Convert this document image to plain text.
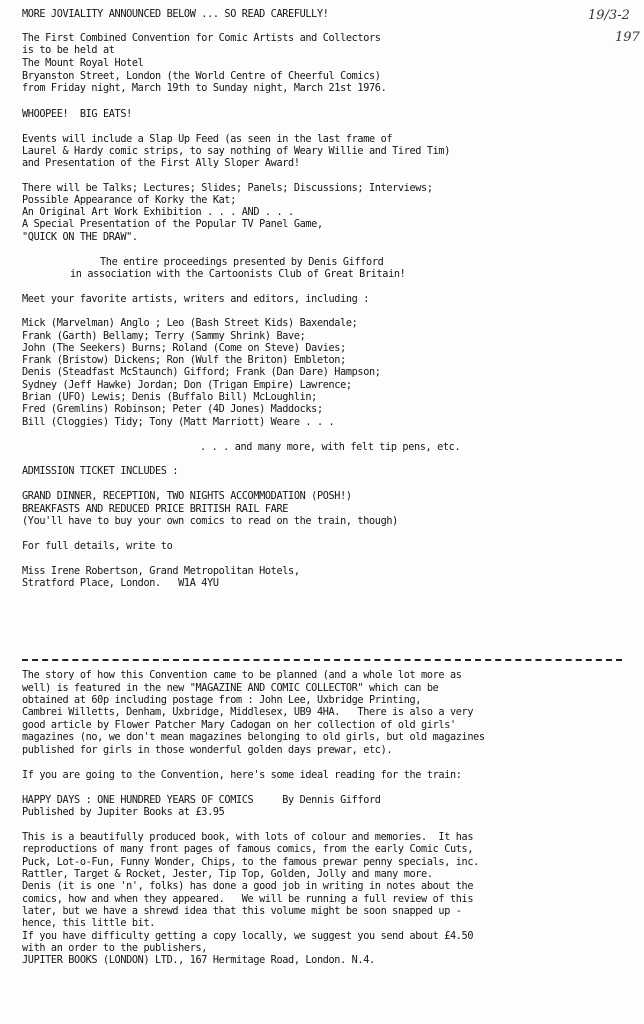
19/3-2
197

MORE JOVIALITY ANNOUNCED BELOW ... SO READ CAREFULLY!

The First Combined Convention for Comic Artists and Collectors

is to be held at

The Mount Royal Hotel

Bryanston Street, London (the World Centre of Cheerful Comics)

from Friday night, March 19th to Sunday night, March 21st 1976.

WHOOPEE!  BIG EATS!

Events will include a Slap Up Feed (as seen in the last frame of

Laurel & Hardy comic strips, to say nothing of Weary Willie and Tired Tim)

and Presentation of the First Ally Sloper Award!

There will be Talks; Lectures; Slides; Panels; Discussions; Interviews;

Possible Appearance of Korky the Kat;

An Original Art Work Exhibition . . . AND . . .

A Special Presentation of the Popular TV Panel Game,

"QUICK ON THE DRAW".

The entire proceedings presented by Denis Gifford

in association with the Cartoonists Club of Great Britain!

Meet your favorite artists, writers and editors, including :

Mick (Marvelman) Anglo ; Leo (Bash Street Kids) Baxendale;

Frank (Garth) Bellamy; Terry (Sammy Shrink) Bave;

John (The Seekers) Burns; Roland (Come on Steve) Davies;

Frank (Bristow) Dickens; Ron (Wulf the Briton) Embleton;

Denis (Steadfast McStaunch) Gifford; Frank (Dan Dare) Hampson;

Sydney (Jeff Hawke) Jordan; Don (Trigan Empire) Lawrence;

Brian (UFO) Lewis; Denis (Buffalo Bill) McLoughlin;

Fred (Gremlins) Robinson; Peter (4D Jones) Maddocks;

Bill (Cloggies) Tidy; Tony (Matt Marriott) Weare . . .

. . . and many more, with felt tip pens, etc.

ADMISSION TICKET INCLUDES :

GRAND DINNER, RECEPTION, TWO NIGHTS ACCOMMODATION (POSH!)

BREAKFASTS AND REDUCED PRICE BRITISH RAIL FARE

(You'll have to buy your own comics to read on the train, though)

For full details, write to

Miss Irene Robertson, Grand Metropolitan Hotels,

Stratford Place, London.   W1A 4YU

The story of how this Convention came to be planned (and a whole lot more as

well) is featured in the new "MAGAZINE AND COMIC COLLECTOR" which can be

obtained at 60p including postage from : John Lee, Uxbridge Printing,

Cambrei Willetts, Denham, Uxbridge, Middlesex, UB9 4HA.   There is also a very

good article by Flower Patcher Mary Cadogan on her collection of old girls'

magazines (no, we don't mean magazines belonging to old girls, but old magazines

published for girls in those wonderful golden days prewar, etc).

If you are going to the Convention, here's some ideal reading for the train:

HAPPY DAYS : ONE HUNDRED YEARS OF COMICS     By Dennis Gifford

Published by Jupiter Books at £3.95

This is a beautifully produced book, with lots of colour and memories.  It has

reproductions of many front pages of famous comics, from the early Comic Cuts,

Puck, Lot-o-Fun, Funny Wonder, Chips, to the famous prewar penny specials, inc.

Rattler, Target & Rocket, Jester, Tip Top, Golden, Jolly and many more.

Denis (it is one 'n', folks) has done a good job in writing in notes about the

comics, how and when they appeared.   We will be running a full review of this

later, but we have a shrewd idea that this volume might be soon snapped up -

hence, this little bit.

If you have difficulty getting a copy locally, we suggest you send about £4.50

with an order to the publishers,

JUPITER BOOKS (LONDON) LTD., 167 Hermitage Road, London. N.4.
